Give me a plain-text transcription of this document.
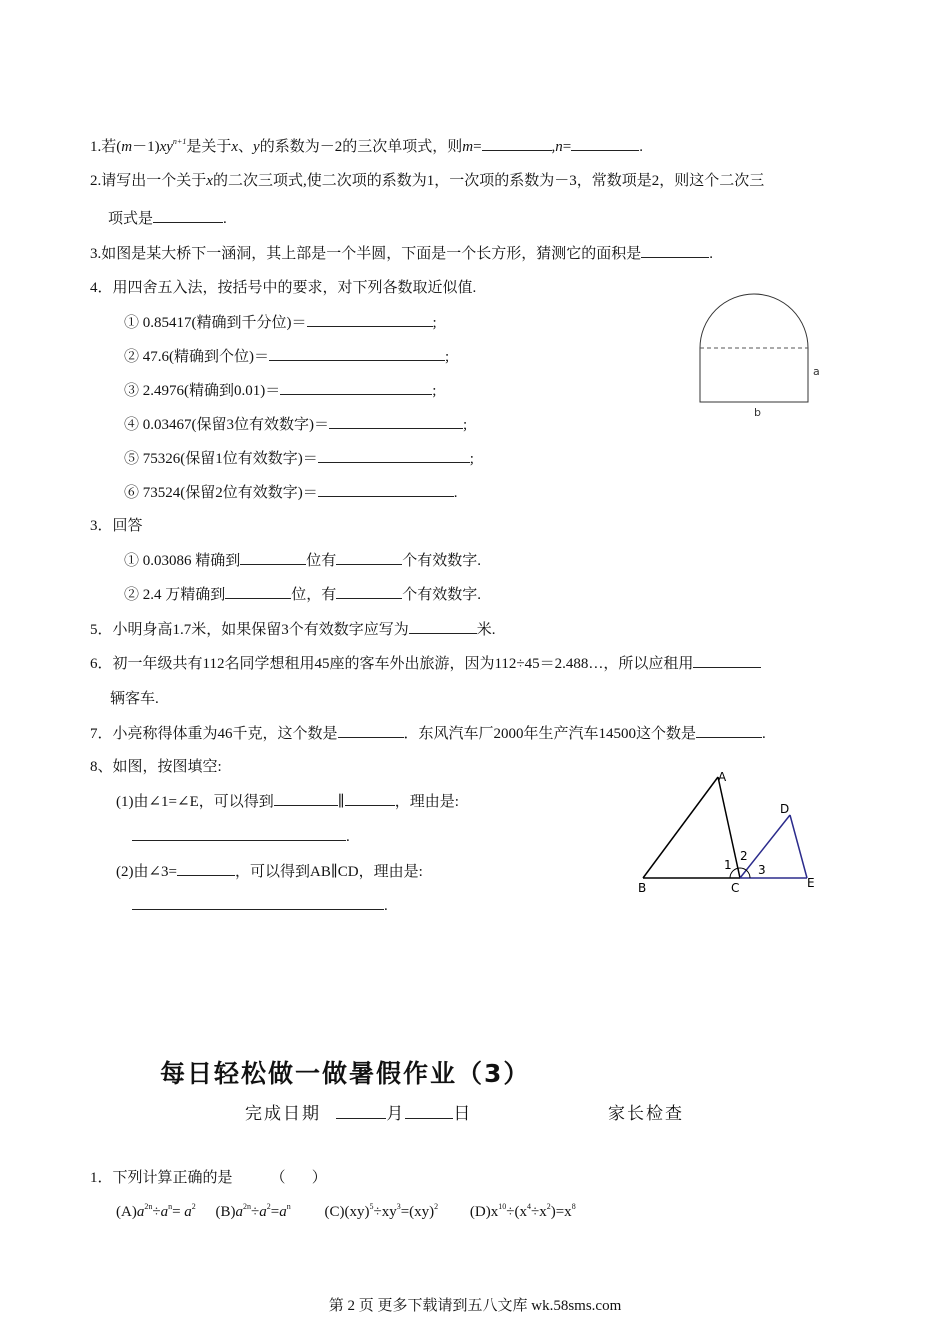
1.若$(m-1)xy^{n+1}$是关于x、y的系数为－2的三次单项式，则m=	,n=	.
2.请写出一个关于x的二次三项式,使二次项的系数为1，一次项的系数为－3，常数项是2，则这个二次三
项式是	.
3.如图是某大桥下一涵洞，其上部是一个半圆，下面是一个长方形，猜测它的面积是	.
4．用四舍五入法，按括号中的要求，对下列各数取近似值.
① 0.85417(精确到千分位)＝	;
② 47.6(精确到个位)＝	;
③ 2.4976(精确到0.01)＝	;
④ 0.03467(保留3位有效数字)＝	;
⑤ 75326(保留1位有效数字)＝	;
⑥ 73524(保留2位有效数字)＝	.
a
b
3．回答
① 0.03086 精确到	位有	个有效数字.
② 2.4 万精确到	位，有	个有效数字.
5．小明身高1.7米，如果保留3个有效数字应写为	米.
6．初一年级共有112名同学想租用45座的客车外出旅游，因为112÷45＝2.488…，所以应租用
辆客车.
7．小亮称得体重为46千克，这个数是	．东风汽车厂2000年生产汽车14500这个数是	.
8、如图，按图填空:
(1)由∠1=∠E，可以得到	∥	，理由是:
.
(2)由∠3=	，可以得到AB∥CD，理由是:
.
A
B	C
D
E
1
2
3
每日轻松做一做暑假作业（3）
完成日期	月	日	家长检查
1．下列计算正确的是	（       ）
$(A)a^{2n}\div a^n= a^2$ $(B)a^{2n}\div a^2=a^n$ $(C)(xy)^5\div xy^3=(xy)^2$ $(D)x^{10}\div(x^4\div x^2)=x^8$
第 2 页 更多下载请到五八文库 wk.58sms.com
